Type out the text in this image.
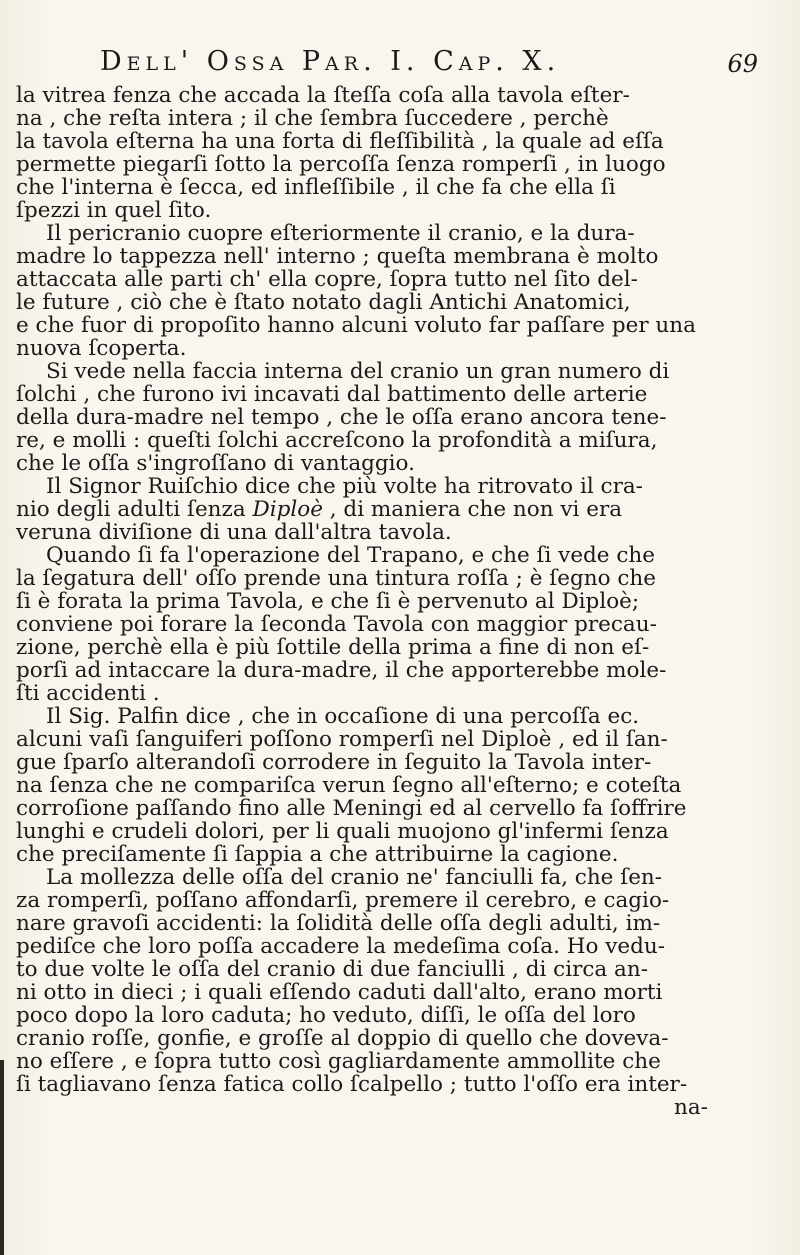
Dell' Ossa Par. I. Cap. X.	69
la vitrea fenza che accada la ſteſſa coſa alla tavola eſter-
na , che reſta intera ; il che ſembra ſuccedere , perchè
la tavola eſterna ha una forta di fleſſibilità , la quale ad eſſa
permette piegarſi ſotto la percoſſa ſenza romperſi , in luogo
che l'interna è ſecca, ed infleſſibile , il che fa che ella ſi
ſpezzi in quel ſito.
Il pericranio cuopre eſteriormente il cranio, e la dura-
madre lo tappezza nell' interno ; queſta membrana è molto
attaccata alle parti ch' ella copre, ſopra tutto nel ſito del-
le future , ciò che è ſtato notato dagli Antichi Anatomici,
e che fuor di propoſito hanno alcuni voluto far paſſare per una
nuova ſcoperta.
Si vede nella faccia interna del cranio un gran numero di
ſolchi , che furono ivi incavati dal battimento delle arterie
della dura-madre nel tempo , che le oſſa erano ancora tene-
re, e molli : queſti ſolchi accreſcono la profondità a miſura,
che le oſſa s'ingroſſano di vantaggio.
Il Signor Ruiſchio dice che più volte ha ritrovato il cra-
nio degli adulti ſenza Diploè , di maniera che non vi era
veruna diviſione di una dall'altra tavola.
Quando ſi fa l'operazione del Trapano, e che ſi vede che
la ſegatura dell' oſſo prende una tintura roſſa ; è ſegno che
ſi è forata la prima Tavola, e che ſi è pervenuto al Diploè;
conviene poi forare la ſeconda Tavola con maggior precau-
zione, perchè ella è più ſottile della prima a fine di non eſ-
porſi ad intaccare la dura-madre, il che apporterebbe mole-
ſti accidenti .
Il Sig. Palfin dice , che in occaſione di una percoſſa ec.
alcuni vaſi ſanguiferi poſſono romperſi nel Diploè , ed il ſan-
gue ſparſo alterandoſi corrodere in ſeguito la Tavola inter-
na ſenza che ne compariſca verun ſegno all'eſterno; e coteſta
corroſione paſſando fino alle Meningi ed al cervello fa ſoffrire
lunghi e crudeli dolori, per li quali muojono gl'infermi ſenza
che preciſamente ſi ſappia a che attribuirne la cagione.
La mollezza delle oſſa del cranio ne' fanciulli fa, che ſen-
za romperſi, poſſano affondarſi, premere il cerebro, e cagio-
nare gravoſi accidenti: la ſolidità delle oſſa degli adulti, im-
pediſce che loro poſſa accadere la medeſima coſa. Ho vedu-
to due volte le oſſa del cranio di due fanciulli , di circa an-
ni otto in dieci ; i quali eſſendo caduti dall'alto, erano morti
poco dopo la loro caduta; ho veduto, diſſi, le oſſa del loro
cranio roſſe, gonfie, e groſſe al doppio di quello che doveva-
no eſſere , e ſopra tutto così gagliardamente ammollite che
ſi tagliavano ſenza fatica collo ſcalpello ; tutto l'oſſo era inter-
na-
